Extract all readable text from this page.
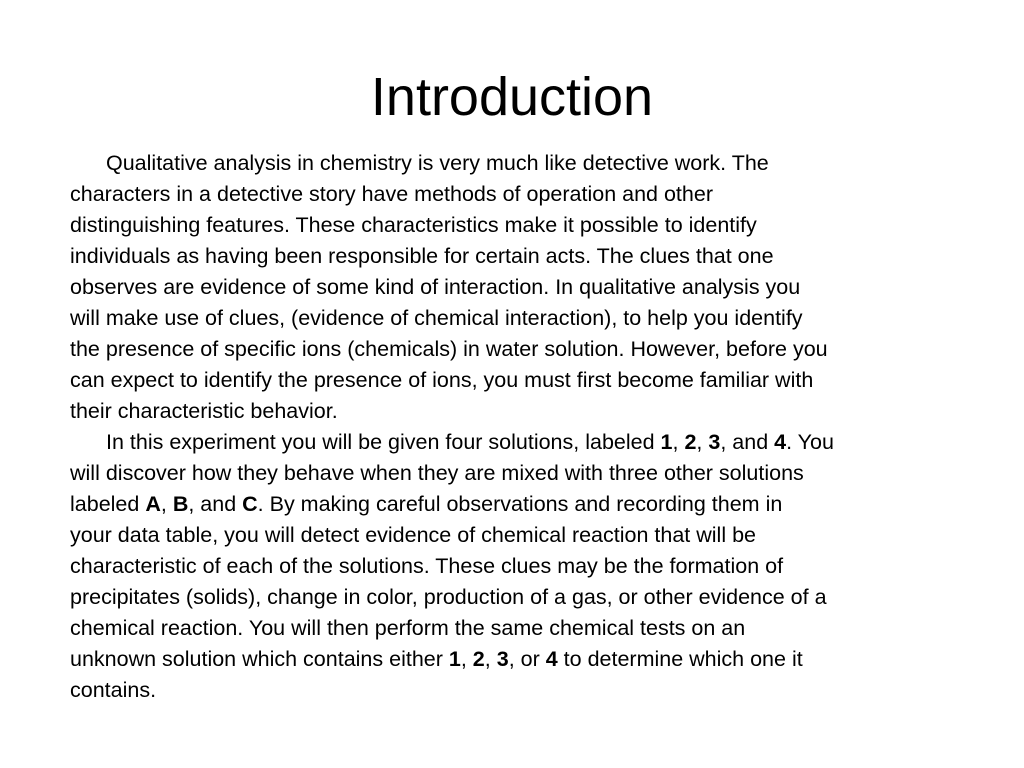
Introduction
Qualitative analysis in chemistry is very much like detective work. The
characters in a detective story have methods of operation and other
distinguishing features. These characteristics make it possible to identify
individuals as having been responsible for certain acts. The clues that one
observes are evidence of some kind of interaction. In qualitative analysis you
will make use of clues, (evidence of chemical interaction), to help you identify
the presence of specific ions (chemicals) in water solution. However, before you
can expect to identify the presence of ions, you must first become familiar with
their characteristic behavior.
In this experiment you will be given four solutions, labeled 1, 2, 3, and 4. You
will discover how they behave when they are mixed with three other solutions
labeled A, B, and C. By making careful observations and recording them in
your data table, you will detect evidence of chemical reaction that will be
characteristic of each of the solutions. These clues may be the formation of
precipitates (solids), change in color, production of a gas, or other evidence of a
chemical reaction. You will then perform the same chemical tests on an
unknown solution which contains either 1, 2, 3, or 4 to determine which one it
contains.
